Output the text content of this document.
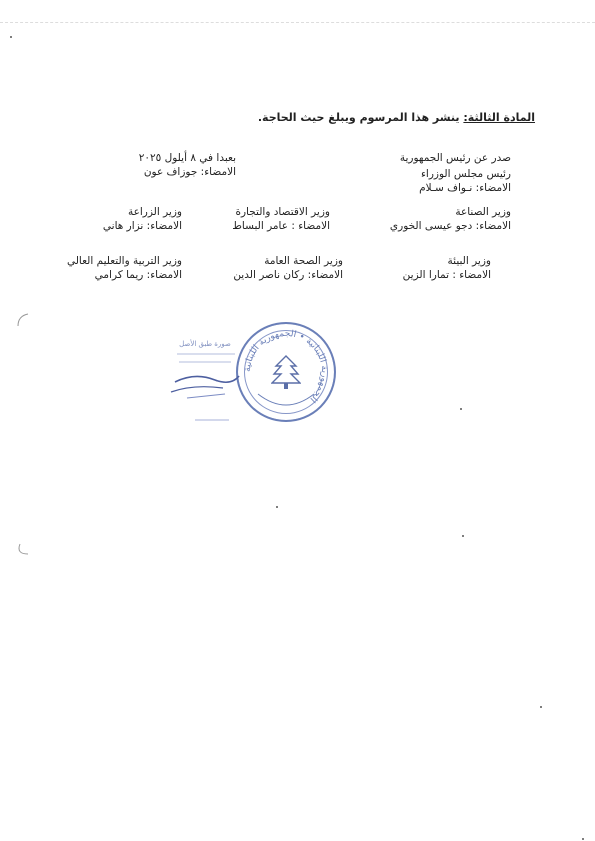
المادة الثالثة: ينشر هذا المرسوم ويبلغ حيث الحاجة.
بعبدا في ٨ أيلول ٢٠٢٥
الامضاء: جوزاف عون
صدر عن رئيس الجمهورية
رئيس مجلس الوزراء
الامضاء: نـواف سـلام
وزير الصناعة
الامضاء: دجو عيسى الخوري
وزير الاقتصاد والتجارة
الامضاء : عامر البساط
وزير الزراعة
الامضاء: نزار هاني
وزير البيئة
الامضاء : تمارا الزين
وزير الصحة العامة
الامضاء: ركان ناصر الدين
وزير التربية والتعليم العالي
الامضاء: ريما كرامي
الجمهورية اللبنانية • الجمهورية اللبنانية
صورة طبق الأصل
